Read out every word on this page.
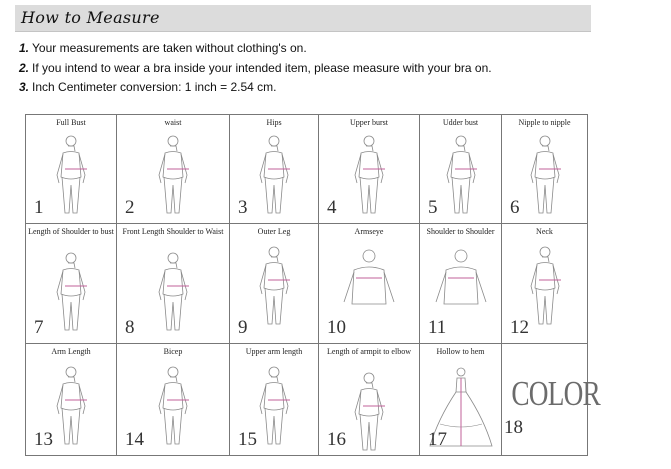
How to Measure
1. Your measurements are taken without clothing's on.
2. If you intend to wear a bra inside your intended item, please measure with your bra on.
3. Inch Centimeter conversion: 1 inch = 2.54 cm.
Full Bust
1
waist
2
Hips
3
Upper burst
4
Udder bust
5
Nipple to nipple
6
Length of Shoulder to bust
7
Front Length Shoulder to Waist
8
Outer Leg
9
Armseye
10
Shoulder to Shoulder
11
Neck
12
Arm Length
13
Bicep
14
Upper arm length
15
Length of armpit to elbow
16
Hollow to hem
17
COLOR
18
